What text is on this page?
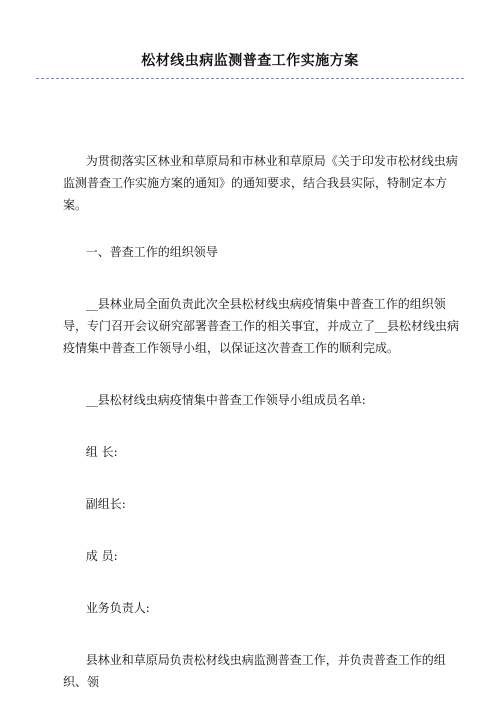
松材线虫病监测普查工作实施方案

为贯彻落实区林业和草原局和市林业和草原局《关于印发市松材线虫病监测普查工作实施方案的通知》的通知要求，结合我县实际，特制定本方案。

一、普查工作的组织领导

__县林业局全面负责此次全县松材线虫病疫情集中普查工作的组织领导，专门召开会议研究部署普查工作的相关事宜，并成立了__县松材线虫病疫情集中普查工作领导小组，以保证这次普查工作的顺利完成。

__县松材线虫病疫情集中普查工作领导小组成员名单:

组 长:

副组长:

成 员:

业务负责人:

县林业和草原局负责松材线虫病监测普查工作，并负责普查工作的组织、领
